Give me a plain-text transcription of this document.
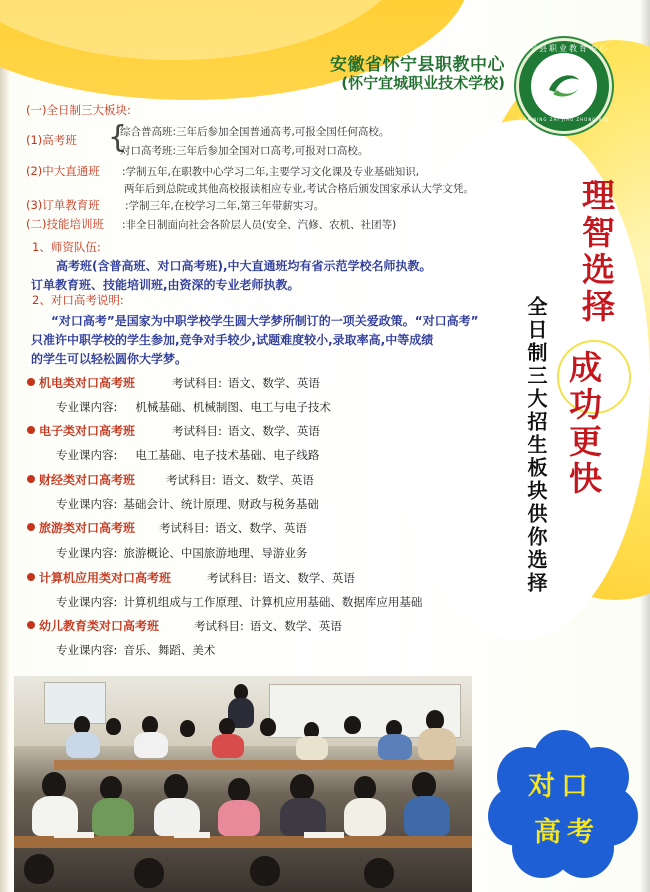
安徽省怀宁县职教中心
(怀宁宜城职业技术学校)
怀宁县职业教育中心
HUAINING ZHI JIAO ZHONG XIN
(一)全日制三大板块:
(1)高考班 {
综合普高班:三年后参加全国普通高考,可报全国任何高校。
对口高考班:三年后参加全国对口高考,可报对口高校。
(2)中大直通班 :学制五年,在职教中心学习二年,主要学习文化课及专业基础知识,
两年后到总院或其他高校报读相应专业,考试合格后颁发国家承认大学文凭。
(3)订单教育班 :学制三年,在校学习二年,第三年带薪实习。
(二)技能培训班 :非全日制面向社会各阶层人员(安全、汽修、农机、社团等)
1、师资队伍:
高考班(含普高班、对口高考班),中大直通班均有省示范学校名师执教。
订单教育班、技能培训班,由资深的专业老师执教。
2、对口高考说明:
“对口高考”是国家为中职学校学生圆大学梦所制订的一项关爱政策。“对口高考”
只准许中职学校的学生参加,竞争对手较少,试题难度较小,录取率高,中等成绩
的学生可以轻松圆你大学梦。
机电类对口高考班	考试科目: 语文、数学、英语
专业课内容: 机械基础、机械制图、电工与电子技术
电子类对口高考班	考试科目: 语文、数学、英语
专业课内容: 电工基础、电子技术基础、电子线路
财经类对口高考班	考试科目: 语文、数学、英语
专业课内容: 基础会计、统计原理、财政与税务基础
旅游类对口高考班 考试科目: 语文、数学、英语
专业课内容: 旅游概论、中国旅游地理、导游业务
计算机应用类对口高考班	考试科目: 语文、数学、英语
专业课内容: 计算机组成与工作原理、计算机应用基础、数据库应用基础
幼儿教育类对口高考班	考试科目: 语文、数学、英语
专业课内容: 音乐、舞蹈、美术
理智选择
成功更快
全日制三大招生板块供你选择
对口
高考
